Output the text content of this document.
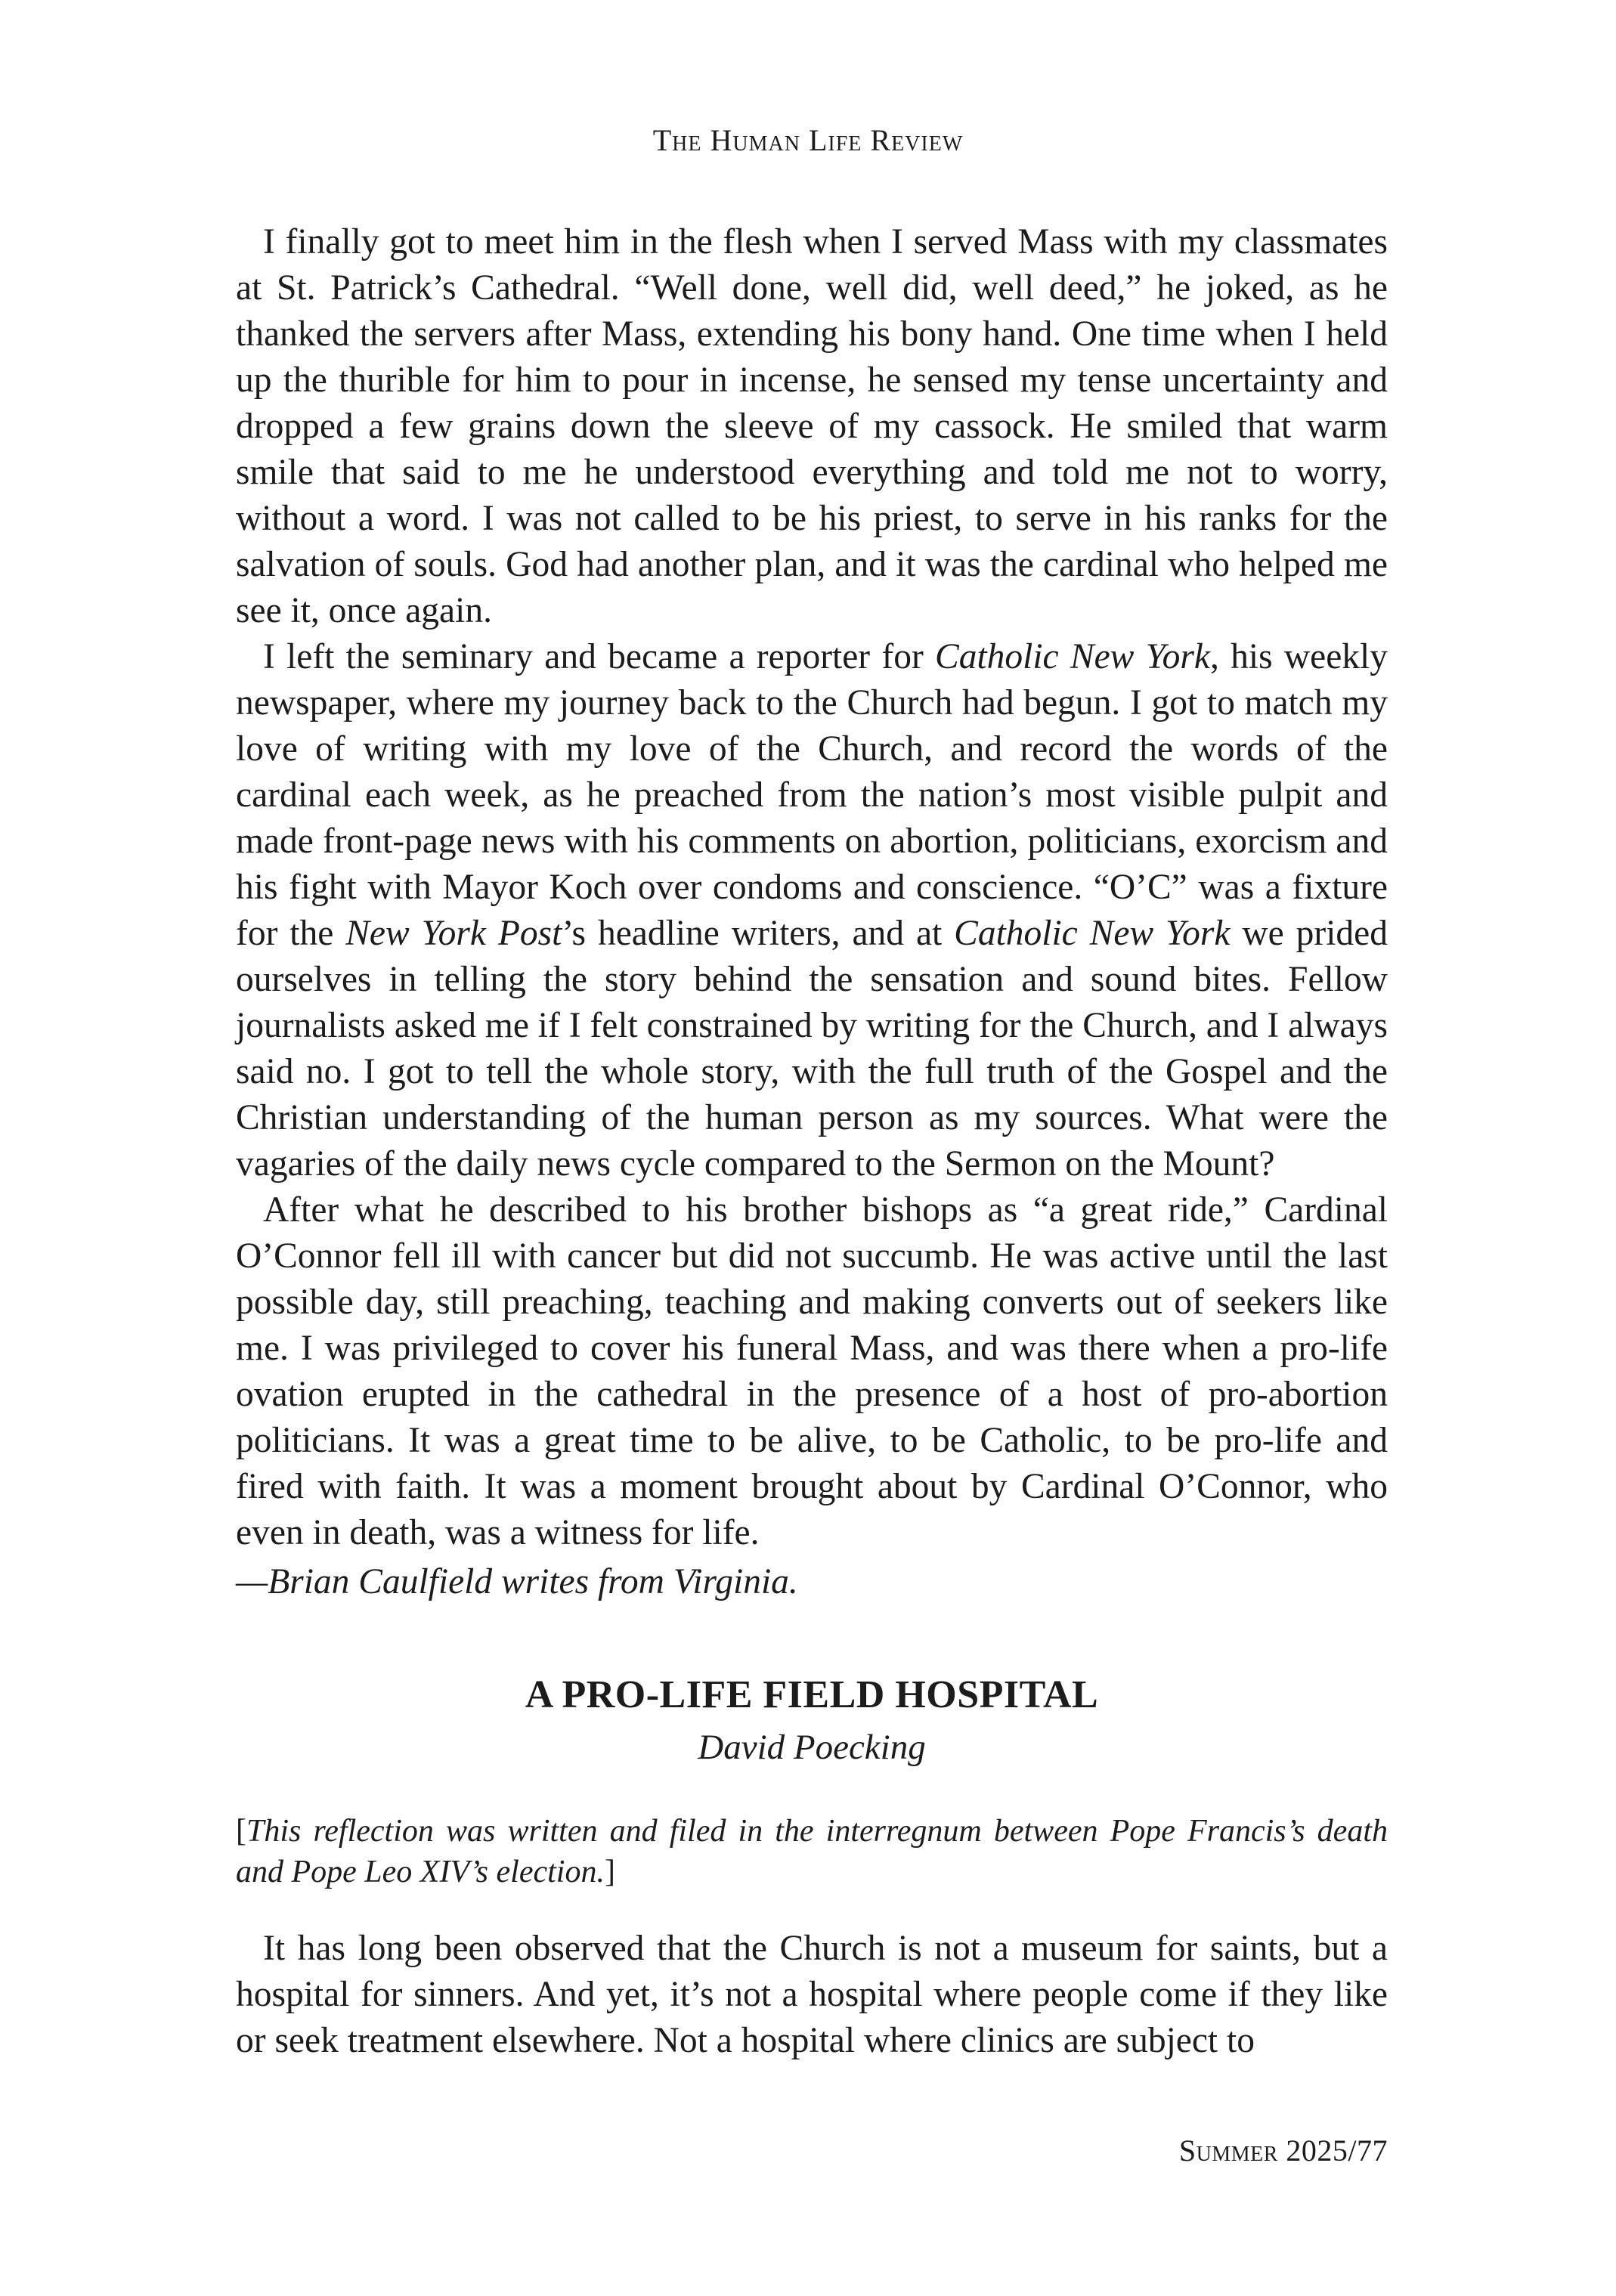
The Human Life Review

I finally got to meet him in the flesh when I served Mass with my classmates at St. Patrick’s Cathedral. “Well done, well did, well deed,” he joked, as he thanked the servers after Mass, extending his bony hand. One time when I held up the thurible for him to pour in incense, he sensed my tense uncertainty and dropped a few grains down the sleeve of my cassock. He smiled that warm smile that said to me he understood everything and told me not to worry, without a word. I was not called to be his priest, to serve in his ranks for the salvation of souls. God had another plan, and it was the cardinal who helped me see it, once again.

I left the seminary and became a reporter for Catholic New York, his weekly newspaper, where my journey back to the Church had begun. I got to match my love of writing with my love of the Church, and record the words of the cardinal each week, as he preached from the nation’s most visible pulpit and made front-page news with his comments on abortion, politicians, exorcism and his fight with Mayor Koch over condoms and conscience. “O’C” was a fixture for the New York Post’s headline writers, and at Catholic New York we prided ourselves in telling the story behind the sensation and sound bites. Fellow journalists asked me if I felt constrained by writing for the Church, and I always said no. I got to tell the whole story, with the full truth of the Gospel and the Christian understanding of the human person as my sources. What were the vagaries of the daily news cycle compared to the Sermon on the Mount?

After what he described to his brother bishops as “a great ride,” Cardinal O’Connor fell ill with cancer but did not succumb. He was active until the last possible day, still preaching, teaching and making converts out of seekers like me. I was privileged to cover his funeral Mass, and was there when a pro-life ovation erupted in the cathedral in the presence of a host of pro-abortion politicians. It was a great time to be alive, to be Catholic, to be pro-life and fired with faith. It was a moment brought about by Cardinal O’Connor, who even in death, was a witness for life.

—Brian Caulfield writes from Virginia.

A PRO-LIFE FIELD HOSPITAL
David Poecking

[This reflection was written and filed in the interregnum between Pope Francis’s death and Pope Leo XIV’s election.]

It has long been observed that the Church is not a museum for saints, but a hospital for sinners. And yet, it’s not a hospital where people come if they like or seek treatment elsewhere. Not a hospital where clinics are subject to

Summer 2025/77
